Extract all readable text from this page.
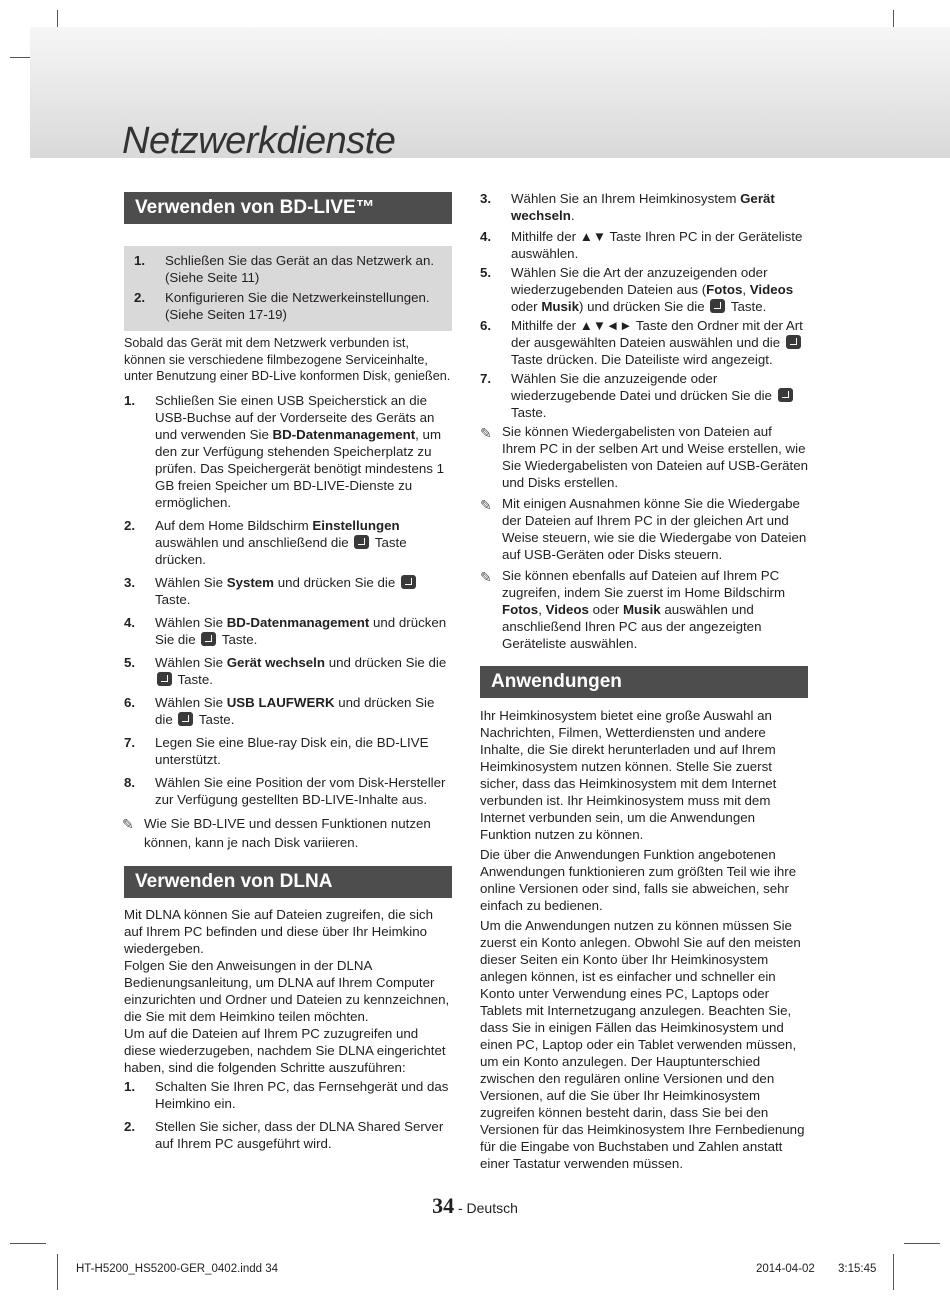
Netzwerkdienste
Verwenden von BD-LIVE™
1.	Schließen Sie das Gerät an das Netzwerk an. (Siehe Seite 11)
2.	Konfigurieren Sie die Netzwerkeinstellungen. (Siehe Seiten 17-19)

Sobald das Gerät mit dem Netzwerk verbunden ist, können sie verschiedene filmbezogene Serviceinhalte, unter Benutzung einer BD-Live konformen Disk, genießen.

1.	Schließen Sie einen USB Speicherstick an die USB-Buchse auf der Vorderseite des Geräts an und verwenden Sie BD-Datenmanagement, um den zur Verfügung stehenden Speicherplatz zu prüfen. Das Speichergerät benötigt mindestens 1 GB freien Speicher um BD-LIVE-Dienste zu ermöglichen.
2.	Auf dem Home Bildschirm Einstellungen auswählen und anschließend die  Taste drücken.
3.	Wählen Sie System und drücken Sie die  Taste.
4.	Wählen Sie BD-Datenmanagement und drücken Sie die  Taste.
5.	Wählen Sie Gerät wechseln und drücken Sie die  Taste.
6.	Wählen Sie USB LAUFWERK und drücken Sie die  Taste.
7.	Legen Sie eine Blue-ray Disk ein, die BD-LIVE unterstützt.
8.	Wählen Sie eine Position der vom Disk-Hersteller zur Verfügung gestellten BD-LIVE-Inhalte aus.
✎ Wie Sie BD-LIVE und dessen Funktionen nutzen können, kann je nach Disk variieren.
Verwenden von DLNA

Mit DLNA können Sie auf Dateien zugreifen, die sich auf Ihrem PC befinden und diese über Ihr Heimkino wiedergeben.

Folgen Sie den Anweisungen in der DLNA Bedienungsanleitung, um DLNA auf Ihrem Computer einzurichten und Ordner und Dateien zu kennzeichnen, die Sie mit dem Heimkino teilen möchten.

Um auf die Dateien auf Ihrem PC zuzugreifen und diese wiederzugeben, nachdem Sie DLNA eingerichtet haben, sind die folgenden Schritte auszuführen:

1.	Schalten Sie Ihren PC, das Fernsehgerät und das Heimkino ein.
2.	Stellen Sie sicher, dass der DLNA Shared Server auf Ihrem PC ausgeführt wird.
3.	Wählen Sie an Ihrem Heimkinosystem Gerät wechseln.
4.	Mithilfe der ▲▼ Taste Ihren PC in der Geräteliste auswählen.
5.	Wählen Sie die Art der anzuzeigenden oder wiederzugebenden Dateien aus (Fotos, Videos oder Musik) und drücken Sie die  Taste.
6.	Mithilfe der ▲▼◄► Taste den Ordner mit der Art der ausgewählten Dateien auswählen und die  Taste drücken. Die Dateiliste wird angezeigt.
7.	Wählen Sie die anzuzeigende oder wiederzugebende Datei und drücken Sie die  Taste.
✎ Sie können Wiedergabelisten von Dateien auf Ihrem PC in der selben Art und Weise erstellen, wie Sie Wiedergabelisten von Dateien auf USB-Geräten und Disks erstellen.
✎ Mit einigen Ausnahmen könne Sie die Wiedergabe der Dateien auf Ihrem PC in der gleichen Art und Weise steuern, wie sie die Wiedergabe von Dateien auf USB-Geräten oder Disks steuern.
✎ Sie können ebenfalls auf Dateien auf Ihrem PC zugreifen, indem Sie zuerst im Home Bildschirm Fotos, Videos oder Musik auswählen und anschließend Ihren PC aus der angezeigten Geräteliste auswählen.
Anwendungen

Ihr Heimkinosystem bietet eine große Auswahl an Nachrichten, Filmen, Wetterdiensten und andere Inhalte, die Sie direkt herunterladen und auf Ihrem Heimkinosystem nutzen können. Stelle Sie zuerst sicher, dass das Heimkinosystem mit dem Internet verbunden ist. Ihr Heimkinosystem muss mit dem Internet verbunden sein, um die Anwendungen Funktion nutzen zu können.

Die über die Anwendungen Funktion angebotenen Anwendungen funktionieren zum größten Teil wie ihre online Versionen oder sind, falls sie abweichen, sehr einfach zu bedienen.

Um die Anwendungen nutzen zu können müssen Sie zuerst ein Konto anlegen. Obwohl Sie auf den meisten dieser Seiten ein Konto über Ihr Heimkinosystem anlegen können, ist es einfacher und schneller ein Konto unter Verwendung eines PC, Laptops oder Tablets mit Internetzugang anzulegen. Beachten Sie, dass Sie in einigen Fällen das Heimkinosystem und einen PC, Laptop oder ein Tablet verwenden müssen, um ein Konto anzulegen. Der Hauptunterschied zwischen den regulären online Versionen und den Versionen, auf die Sie über Ihr Heimkinosystem zugreifen können besteht darin, dass Sie bei den Versionen für das Heimkinosystem Ihre Fernbedienung für die Eingabe von Buchstaben und Zahlen anstatt einer Tastatur verwenden müssen.

34 - Deutsch
HT-H5200_HS5200-GER_0402.indd 34	2014-04-02 3:15:45
